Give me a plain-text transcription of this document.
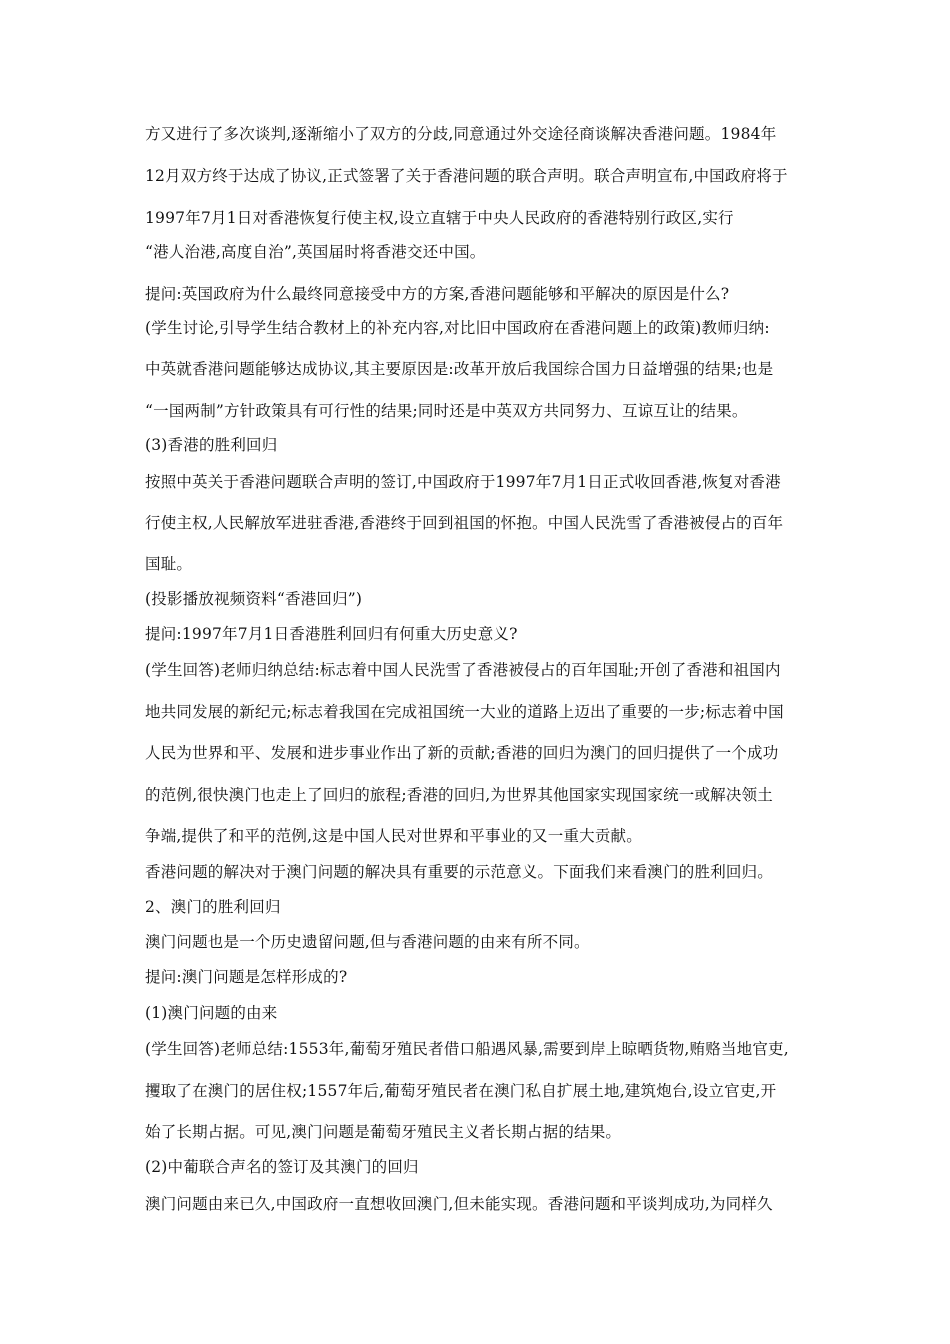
方又进行了多次谈判,逐渐缩小了双方的分歧,同意通过外交途径商谈解决香港问题。1984年
12月双方终于达成了协议,正式签署了关于香港问题的联合声明。联合声明宣布,中国政府将于
1997年7月1日对香港恢复行使主权,设立直辖于中央人民政府的香港特别行政区,实行
“港人治港,高度自治”,英国届时将香港交还中国。
提问:英国政府为什么最终同意接受中方的方案,香港问题能够和平解决的原因是什么?
(学生讨论,引导学生结合教材上的补充内容,对比旧中国政府在香港问题上的政策)教师归纳:
中英就香港问题能够达成协议,其主要原因是:改革开放后我国综合国力日益增强的结果;也是
“一国两制”方针政策具有可行性的结果;同时还是中英双方共同努力、互谅互让的结果。
(3)香港的胜利回归
按照中英关于香港问题联合声明的签订,中国政府于1997年7月1日正式收回香港,恢复对香港
行使主权,人民解放军进驻香港,香港终于回到祖国的怀抱。中国人民洗雪了香港被侵占的百年
国耻。
(投影播放视频资料“香港回归”)
提问:1997年7月1日香港胜利回归有何重大历史意义?
(学生回答)老师归纳总结:标志着中国人民洗雪了香港被侵占的百年国耻;开创了香港和祖国内
地共同发展的新纪元;标志着我国在完成祖国统一大业的道路上迈出了重要的一步;标志着中国
人民为世界和平、发展和进步事业作出了新的贡献;香港的回归为澳门的回归提供了一个成功
的范例,很快澳门也走上了回归的旅程;香港的回归,为世界其他国家实现国家统一或解决领土
争端,提供了和平的范例,这是中国人民对世界和平事业的又一重大贡献。
香港问题的解决对于澳门问题的解决具有重要的示范意义。下面我们来看澳门的胜利回归。
2、澳门的胜利回归
澳门问题也是一个历史遗留问题,但与香港问题的由来有所不同。
提问:澳门问题是怎样形成的?
(1)澳门问题的由来
(学生回答)老师总结:1553年,葡萄牙殖民者借口船遇风暴,需要到岸上晾晒货物,贿赂当地官吏,
攫取了在澳门的居住权;1557年后,葡萄牙殖民者在澳门私自扩展土地,建筑炮台,设立官吏,开
始了长期占据。可见,澳门问题是葡萄牙殖民主义者长期占据的结果。
(2)中葡联合声名的签订及其澳门的回归
澳门问题由来已久,中国政府一直想收回澳门,但未能实现。香港问题和平谈判成功,为同样久
